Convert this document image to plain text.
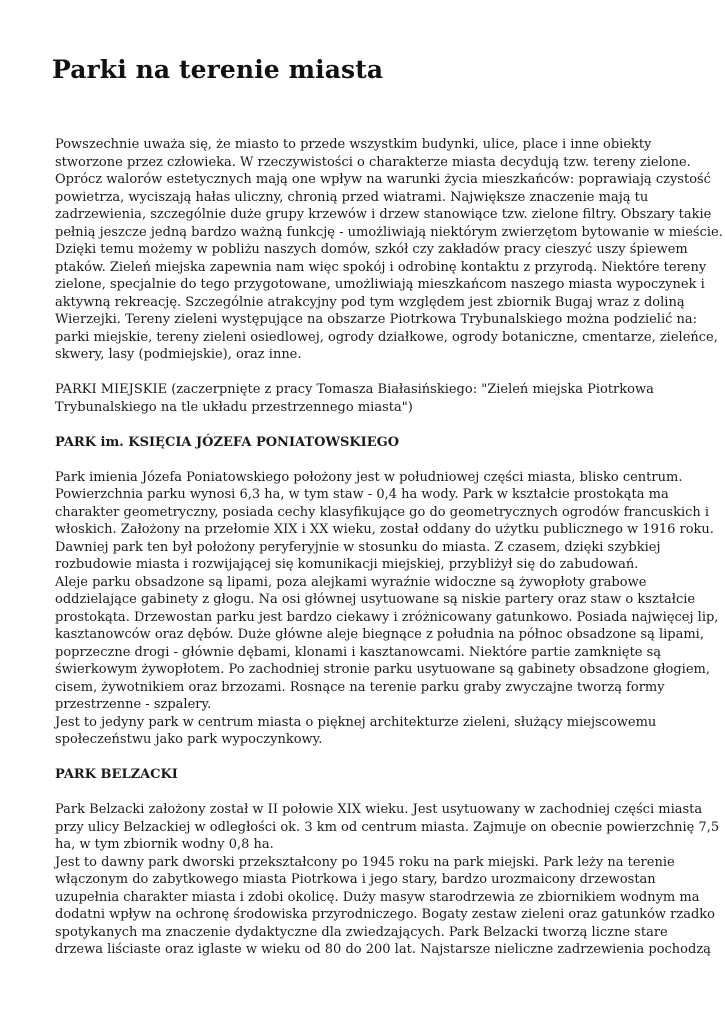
Parki na terenie miasta
Powszechnie uważa się, że miasto to przede wszystkim budynki, ulice, place i inne obiekty
stworzone przez człowieka. W rzeczywistości o charakterze miasta decydują tzw. tereny zielone.
Oprócz walorów estetycznych mają one wpływ na warunki życia mieszkańców: poprawiają czystość
powietrza, wyciszają hałas uliczny, chronią przed wiatrami. Największe znaczenie mają tu
zadrzewienia, szczególnie duże grupy krzewów i drzew stanowiące tzw. zielone filtry. Obszary takie
pełnią jeszcze jedną bardzo ważną funkcję - umożliwiają niektórym zwierzętom bytowanie w mieście.
Dzięki temu możemy w pobliżu naszych domów, szkół czy zakładów pracy cieszyć uszy śpiewem
ptaków. Zieleń miejska zapewnia nam więc spokój i odrobinę kontaktu z przyrodą. Niektóre tereny
zielone, specjalnie do tego przygotowane, umożliwiają mieszkańcom naszego miasta wypoczynek i
aktywną rekreację. Szczególnie atrakcyjny pod tym względem jest zbiornik Bugaj wraz z doliną
Wierzejki. Tereny zieleni występujące na obszarze Piotrkowa Trybunalskiego można podzielić na:
parki miejskie, tereny zieleni osiedlowej, ogrody działkowe, ogrody botaniczne, cmentarze, zieleńce,
skwery, lasy (podmiejskie), oraz inne.
PARKI MIEJSKIE (zaczerpnięte z pracy Tomasza Białasińskiego: "Zieleń miejska Piotrkowa
Trybunalskiego na tle układu przestrzennego miasta")
PARK im. KSIĘCIA JÓZEFA PONIATOWSKIEGO
Park imienia Józefa Poniatowskiego położony jest w południowej części miasta, blisko centrum.
Powierzchnia parku wynosi 6,3 ha, w tym staw - 0,4 ha wody. Park w kształcie prostokąta ma
charakter geometryczny, posiada cechy klasyfikujące go do geometrycznych ogrodów francuskich i
włoskich. Założony na przełomie XIX i XX wieku, został oddany do użytku publicznego w 1916 roku.
Dawniej park ten był położony peryferyjnie w stosunku do miasta. Z czasem, dzięki szybkiej
rozbudowie miasta i rozwijającej się komunikacji miejskiej, przybliżył się do zabudowań.
Aleje parku obsadzone są lipami, poza alejkami wyraźnie widoczne są żywopłoty grabowe
oddzielające gabinety z głogu. Na osi głównej usytuowane są niskie partery oraz staw o kształcie
prostokąta. Drzewostan parku jest bardzo ciekawy i zróżnicowany gatunkowo. Posiada najwięcej lip,
kasztanowców oraz dębów. Duże główne aleje biegnące z południa na północ obsadzone są lipami,
poprzeczne drogi - głównie dębami, klonami i kasztanowcami. Niektóre partie zamknięte są
świerkowym żywopłotem. Po zachodniej stronie parku usytuowane są gabinety obsadzone głogiem,
cisem, żywotnikiem oraz brzozami. Rosnące na terenie parku graby zwyczajne tworzą formy
przestrzenne - szpalery.
Jest to jedyny park w centrum miasta o pięknej architekturze zieleni, służący miejscowemu
społeczeństwu jako park wypoczynkowy.
PARK BELZACKI
Park Belzacki założony został w II połowie XIX wieku. Jest usytuowany w zachodniej części miasta
przy ulicy Belzackiej w odległości ok. 3 km od centrum miasta. Zajmuje on obecnie powierzchnię 7,5
ha, w tym zbiornik wodny 0,8 ha.
Jest to dawny park dworski przekształcony po 1945 roku na park miejski. Park leży na terenie
włączonym do zabytkowego miasta Piotrkowa i jego stary, bardzo urozmaicony drzewostan
uzupełnia charakter miasta i zdobi okolicę. Duży masyw starodrzewia ze zbiornikiem wodnym ma
dodatni wpływ na ochronę środowiska przyrodniczego. Bogaty zestaw zieleni oraz gatunków rzadko
spotykanych ma znaczenie dydaktyczne dla zwiedzających. Park Belzacki tworzą liczne stare
drzewa liściaste oraz iglaste w wieku od 80 do 200 lat. Najstarsze nieliczne zadrzewienia pochodzą
